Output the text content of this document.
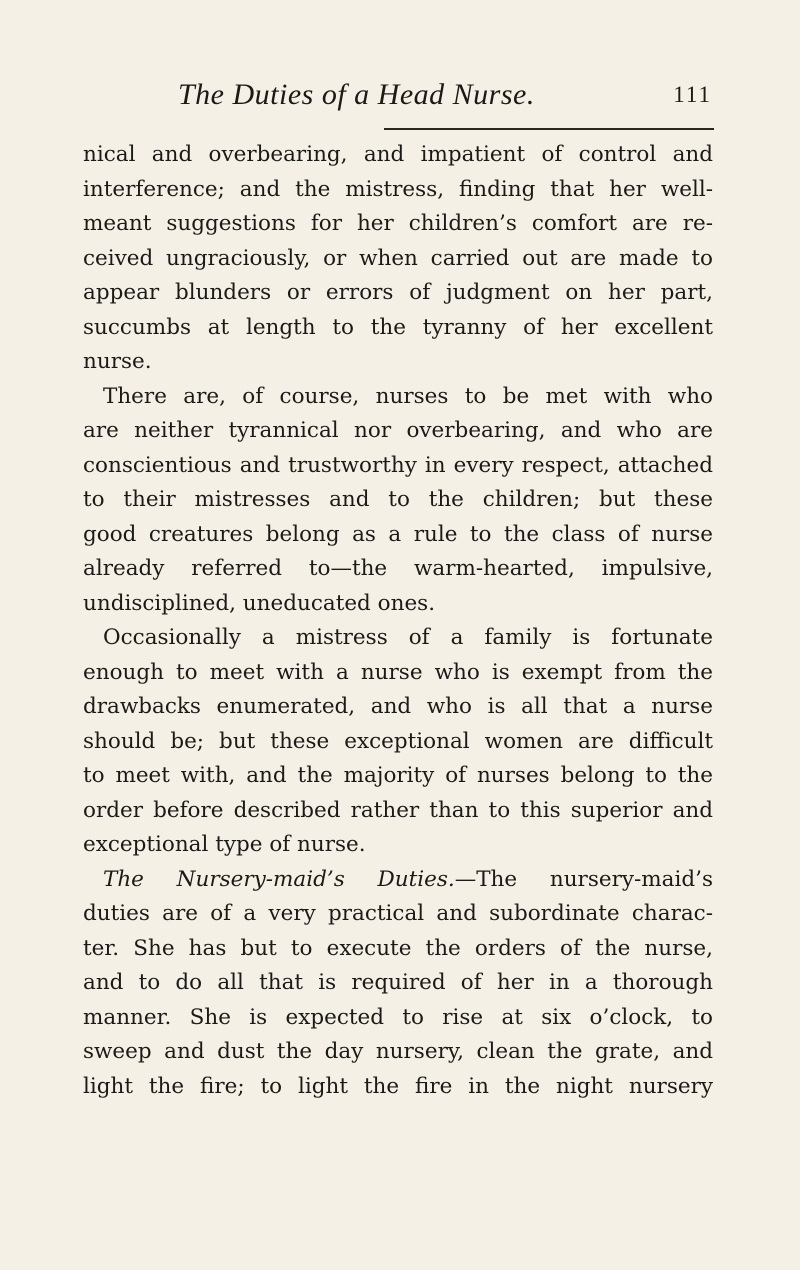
The Duties of a Head Nurse.	111
nical and overbearing, and impatient of control and
interference; and the mistress, finding that her well-
meant suggestions for her children’s comfort are re-
ceived ungraciously, or when carried out are made to
appear blunders or errors of judgment on her part,
succumbs at length to the tyranny of her excellent
nurse.
There are, of course, nurses to be met with who
are neither tyrannical nor overbearing, and who are
conscientious and trustworthy in every respect, attached
to their mistresses and to the children; but these
good creatures belong as a rule to the class of nurse
already referred to—the warm-hearted, impulsive,
undisciplined, uneducated ones.
Occasionally a mistress of a family is fortunate
enough to meet with a nurse who is exempt from the
drawbacks enumerated, and who is all that a nurse
should be; but these exceptional women are difficult
to meet with, and the majority of nurses belong to the
order before described rather than to this superior and
exceptional type of nurse.
The Nursery-maid’s Duties.—The nursery-maid’s
duties are of a very practical and subordinate charac-
ter. She has but to execute the orders of the nurse,
and to do all that is required of her in a thorough
manner. She is expected to rise at six o’clock, to
sweep and dust the day nursery, clean the grate, and
light the fire; to light the fire in the night nursery
